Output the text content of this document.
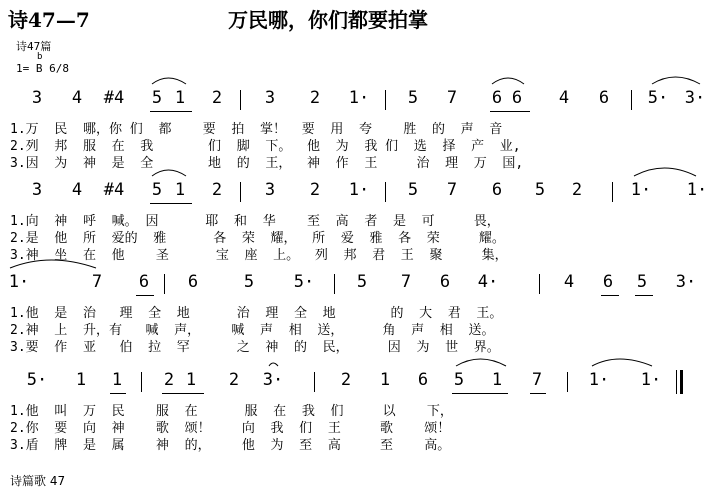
诗47—7	万民哪，你们都要拍掌
诗47篇
b
1= B 6/8
3	4	#4	5 1	2	3	2	1·	5	7	6 6	4	6	5· 3·
1.万  民  哪，你 们  都    要  拍  掌！  要  用  夸    胜  的  声  音
2.列  邦  服  在  我       们  脚  下。  他  为  我 们  选  择  产  业,
3.因  为  神  是  全       地  的  王，  神  作  王     治  理  万  国,
3	4	#4	5 1	2	3	2	1·	5	7	6	5	2	1· 1·
1.向  神  呼  喊。 因      耶  和  华    至  高  者  是  可     畏，
2.是  他  所  爱的  雅      各  荣  耀，  所  爱  雅  各  荣     耀。
3.神  坐  在  他    圣      宝  座  上。  列  邦  君  王  聚     集，
1·	7	6	6	5	5·	5	7	6	4·	4	6	5	3·
1.他  是  治   理  全  地      治  理  全  地       的  大  君  王。
2.神  上  升，有   喊  声，    喊  声  相  送，     角  声  相  送。
3.要  作  亚   伯  拉  罕      之  神  的  民，     因  为  世  界。
5·	1	1	2 1	2	3·	2	1	6	5	1	7	1· 1·
1.他  叫  万  民    服  在      服  在  我  们     以    下，
2.你  要  向  神    歌  颂！    向  我  们  王     歌    颂！
3.盾  牌  是  属    神  的，    他  为  至  高     至    高。
诗篇歌 47
